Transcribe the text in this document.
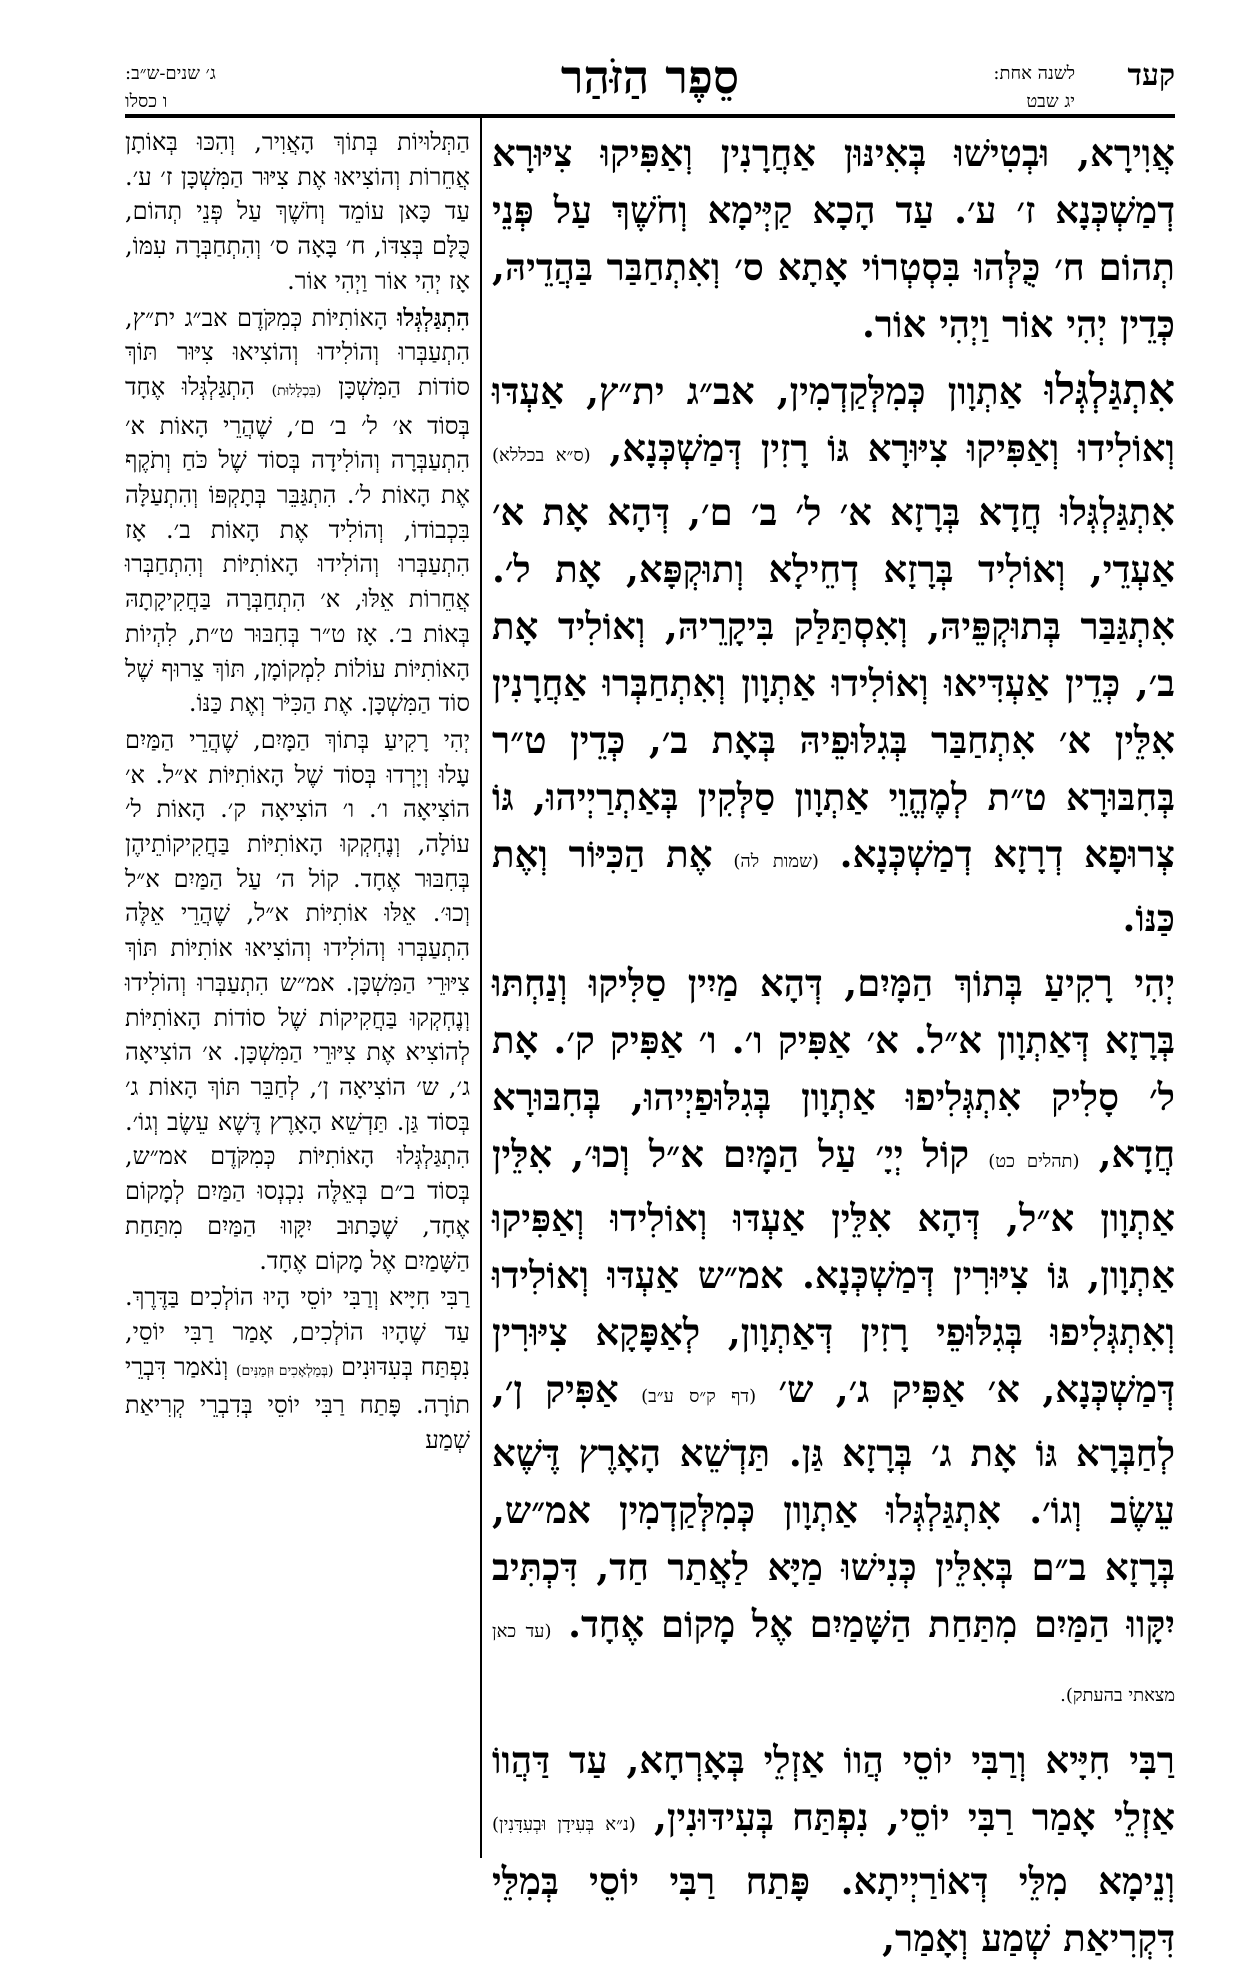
קעד
לשנה אחת:
יג שבט
סֵפֶר הַזֹּהַר
ג׳ שנים-ש״ב:
ו כסלו

אֲוִירָא, וּבְטִישׁוּ בְּאִינּוּן אַחֲרָנִין וְאַפִּיקוּ צִיּוּרָא דְמַשְׁכְּנָא ז׳ ע׳. עַד הָכָא קַיְּימָא וְחֹשֶׁךְ עַל פְּנֵי תְהוֹם ח׳ כֻּלְּהוּ בִּסְטְרוֹי אָתָא ס׳ וְאִתְחַבַּר בַּהֲדֵיהּ, כְּדֵין יְהִי אוֹר וַיְהִי אוֹר.

אִתְגַּלְגְּלוּ אַתְוָון כְּמִלְּקַדְמִין, אב״ג ית״ץ, אַעְדּוּ וְאוֹלִידוּ וְאַפִּיקוּ צִיּוּרָא גּוֹ רָזִין דְּמַשְׁכְּנָא, (ס״א בכללא) אִתְגַּלְגְּלוּ חֲדָא בְּרָזָא א׳ ל׳ ב׳ ם׳, דְּהָא אָת א׳ אַעְדֵי, וְאוֹלִיד בְּרָזָא דְחֵילָא וְתוּקְפָּא, אָת ל׳. אִתְגַּבַּר בְּתוּקְפֵּיהּ, וְאִסְתַּלַּק בִּיקָרֵיהּ, וְאוֹלִיד אָת ב׳, כְּדֵין אַעְדִּיאוּ וְאוֹלִידוּ אַתְוָון וְאִתְחַבְּרוּ אַחֲרָנִין אִלֵּין א׳ אִתְחַבַּר בְּגִלּוּפֵיהּ בְּאָת ב׳, כְּדֵין ט״ר בְּחִבּוּרָא ט״ת לְמֶהֱוֵי אַתְוָון סַלְּקִין בְּאַתְרַיְיהוּ, גּוֹ צְרוּפָא דְרָזָא דְמַשְׁכְּנָא. (שמות לה) אֶת הַכִּיּוֹר וְאֶת כַּנּוֹ.

יְהִי רָקִיעַ בְּתוֹךְ הַמָּיִם, דְּהָא מַיִין סַלִּיקוּ וְנַחְתּוּ בְּרָזָא דְּאַתְוָון א״ל. א׳ אַפִּיק ו׳. ו׳ אַפִּיק ק׳. אָת ל׳ סָלִיק אִתְגְּלִיפוּ אַתְוָון בְּגִלּוּפַיְיהוּ, בְּחִבּוּרָא חֲדָא, (תהלים כט) קוֹל יְיָ׳ עַל הַמָּיִם א״ל וְכוּ׳, אִלֵּין אַתְוָון א״ל, דְּהָא אִלֵּין אַעְדּוּ וְאוֹלִידוּ וְאַפִּיקוּ אַתְוָון, גּוֹ צִיּוּרִין דְּמַשְׁכְּנָא. אמ״ש אַעְדּוּ וְאוֹלִידוּ וְאִתְגְּלִיפוּ בְּגִלּוּפֵי רָזִין דְּאַתְוָון, לְאַפָּקָא צִיּוּרִין דְּמַשְׁכְּנָא, א׳ אַפִּיק ג׳, ש׳ (דף ק״ס ע״ב) אַפִּיק ן׳, לְחַבְּרָא גּוֹ אָת ג׳ בְּרָזָא גַּן. תַּדְשֵׁא הָאָרֶץ דֶּשֶׁא עֵשֶׂב וְגוֹ׳. אִתְגַּלְגְּלוּ אַתְוָון כְּמִלְּקַדְמִין אמ״ש, בְּרָזָא ב״ם בְּאִלֵּין כְּנִישׁוּ מַיָּא לַאֲתַר חַד, דִּכְתִּיב יִקָּווּ הַמַּיִם מִתַּחַת הַשָּׁמַיִם אֶל מָקוֹם אֶחָד. (עד כאן מצאתי בהעתק).

רַבִּי חִיָּיא וְרַבִּי יוֹסֵי הֲווֹ אַזְלֵי בְּאָרְחָא, עַד דַּהֲווֹ אַזְלֵי אָמַר רַבִּי יוֹסֵי, נִפְתַּח בְּעִידּוּנִין, (נ״א בְּעִידָן וּבְעִדָּנִין) וְנֵימָא מִלֵּי דְּאוֹרַיְיתָא. פָּתַח רַבִּי יוֹסֵי בְּמִלֵּי דִּקְרִיאַת שְׁמַע וְאָמַר,

הַתְּלוּיוֹת בְּתוֹךְ הָאֲוִיר, וְהִכּוּ בְּאוֹתָן אֲחֵרוֹת וְהוֹצִיאוּ אֶת צִיּוּר הַמִּשְׁכָּן ז׳ ע׳. עַד כָּאן עוֹמֵד וְחֹשֶׁךְ עַל פְּנֵי תְהוֹם, כֻּלָּם בְּצִדּוֹ, ח׳ בָּאָה ס׳ וְהִתְחַבְּרָה עִמּוֹ, אָז יְהִי אוֹר וַיְהִי אוֹר.

הִתְגַּלְגְּלוּ הָאוֹתִיּוֹת כְּמִקֹּדֶם אב״ג ית״ץ, הִתְעַבְּרוּ וְהוֹלִידוּ וְהוֹצִיאוּ צִיּוּר תּוֹךְ סוֹדוֹת הַמִּשְׁכָּן (בִּכְלָלוּת) הִתְגַּלְגְּלוּ אֶחָד בְּסוֹד א׳ ל׳ ב׳ ם׳, שֶׁהֲרֵי הָאוֹת א׳ הִתְעַבְּרָה וְהוֹלִידָה בְּסוֹד שֶׁל כֹּחַ וְתֹקֶף אֶת הָאוֹת ל׳. הִתְגַּבֵּר בְּתָקְפּוֹ וְהִתְעַלָּה בִּכְבוֹדוֹ, וְהוֹלִיד אֶת הָאוֹת ב׳. אָז הִתְעַבְּרוּ וְהוֹלִידוּ הָאוֹתִיּוֹת וְהִתְחַבְּרוּ אֲחֵרוֹת אֵלּוּ, א׳ הִתְחַבְּרָה בַּחֲקִיקָתָהּ בְּאוֹת ב׳. אָז ט״ר בְּחִבּוּר ט״ת, לִהְיוֹת הָאוֹתִיּוֹת עוֹלוֹת לִמְקוֹמָן, תּוֹךְ צֵרוּף שֶׁל סוֹד הַמִּשְׁכָּן. אֶת הַכִּיֹּר וְאֶת כַּנּוֹ.

יְהִי רָקִיעַ בְּתוֹךְ הַמָּיִם, שֶׁהֲרֵי הַמַּיִם עָלוּ וְיָרְדוּ בְּסוֹד שֶׁל הָאוֹתִיּוֹת א״ל. א׳ הוֹצִיאָה ו׳. ו׳ הוֹצִיאָה ק׳. הָאוֹת ל׳ עוֹלָה, וְנֶחְקְקוּ הָאוֹתִיּוֹת בַּחֲקִיקוֹתֵיהֶן בְּחִבּוּר אֶחָד. קוֹל ה׳ עַל הַמַּיִם א״ל וְכוּ׳. אֵלּוּ אוֹתִיּוֹת א״ל, שֶׁהֲרֵי אֵלֶּה הִתְעַבְּרוּ וְהוֹלִידוּ וְהוֹצִיאוּ אוֹתִיּוֹת תּוֹךְ צִיּוּרֵי הַמִּשְׁכָּן. אמ״ש הִתְעַבְּרוּ וְהוֹלִידוּ וְנֶחְקְקוּ בַּחֲקִיקוֹת שֶׁל סוֹדוֹת הָאוֹתִיּוֹת לְהוֹצִיא אֶת צִיּוּרֵי הַמִּשְׁכָּן. א׳ הוֹצִיאָה ג׳, ש׳ הוֹצִיאָה ן׳, לְחַבֵּר תּוֹךְ הָאוֹת ג׳ בְּסוֹד גַּן. תַּדְשֵׁא הָאָרֶץ דֶּשֶׁא עֵשֶׂב וְגוֹ׳. הִתְגַּלְגְּלוּ הָאוֹתִיּוֹת כְּמִקֹּדֶם אמ״ש, בְּסוֹד ב״ם בְּאֵלֶּה נִכְנְסוּ הַמַּיִם לְמָקוֹם אֶחָד, שֶׁכָּתוּב יִקָּווּ הַמַּיִם מִתַּחַת הַשָּׁמַיִם אֶל מָקוֹם אֶחָד.

רַבִּי חִיָּיא וְרַבִּי יוֹסֵי הָיוּ הוֹלְכִים בַּדֶּרֶךְ. עַד שֶׁהָיוּ הוֹלְכִים, אָמַר רַבִּי יוֹסֵי, נִפְתַּח בְּעִדּוּנִים (בְּמַלְאָכִים וּזְמַנִּים) וְנֹאמַר דִּבְרֵי תוֹרָה. פָּתַח רַבִּי יוֹסֵי בְּדִבְרֵי קְרִיאַת שְׁמַע
